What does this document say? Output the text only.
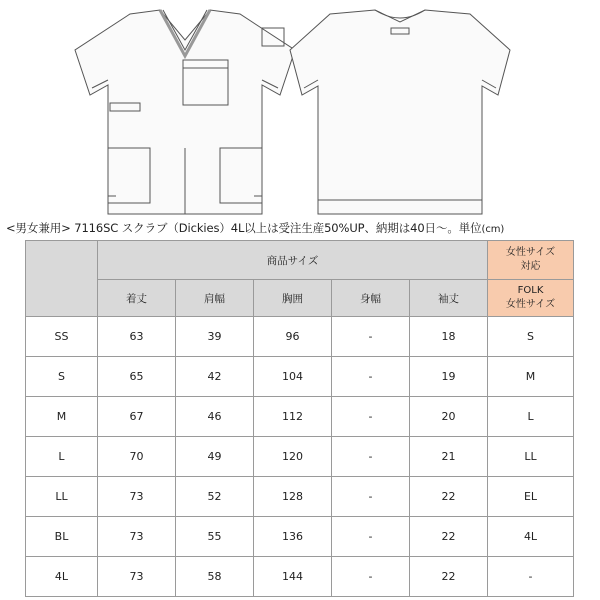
<男女兼用> 7116SC スクラブ（Dickies）4L以上は受注生産50%UP、納期は40日～。単位(cm)
	商品サイズ					女性サイズ
対応
	着丈	肩幅	胸囲	身幅	袖丈	FOLK
女性サイズ
SS	63	39	96	-	18	S
S	65	42	104	-	19	M
M	67	46	112	-	20	L
L	70	49	120	-	21	LL
LL	73	52	128	-	22	EL
BL	73	55	136	-	22	4L
4L	73	58	144	-	22	-
